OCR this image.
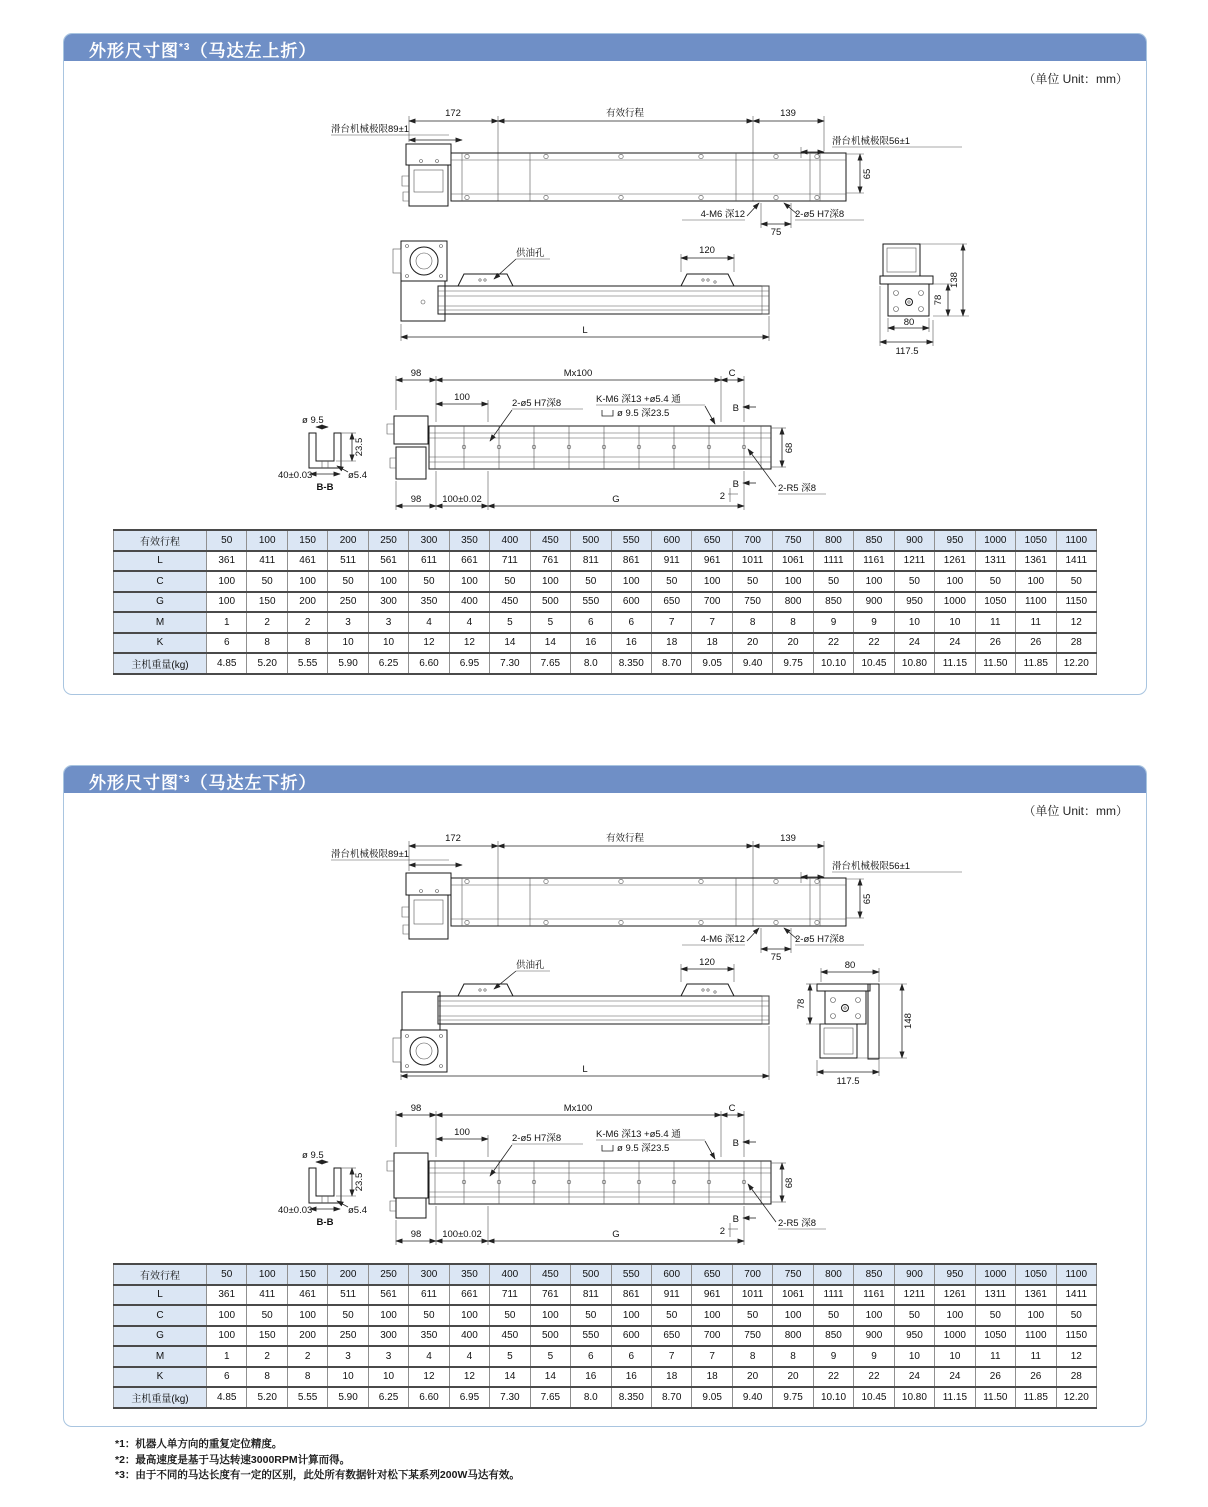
外形尺寸图$^{*3}$（马达左上折）
（单位 Unit：mm）
172	有效行程	139
滑台机械极限89±1
滑台机械极限56±1
65
4-M6 深12
75
2-ø5 H7深8
供油孔	120
L
78
138
80
117.5
ø 9.5
23.5
40±0.03	ø5.4
B-B
98	Mx100	C
100
2-ø5 H7深8	K-M6 深13 +ø5.4 通
ø 9.5 深23.5	B
68
B	2-R5 深8
2
98 100±0.02	G
有效行程	50	100	150	200	250	300	350	400	450	500	550	600	650	700	750	800	850	900	950	1000	1050	1100
L	361	411	461	511	561	611	661	711	761	811	861	911	961	1011	1061	1111	1161	1211	1261	1311	1361	1411
C	100	50	100	50	100	50	100	50	100	50	100	50	100	50	100	50	100	50	100	50	100	50
G	100	150	200	250	300	350	400	450	500	550	600	650	700	750	800	850	900	950	1000	1050	1100	1150
M	1	2	2	3	3	4	4	5	5	6	6	7	7	8	8	9	9	10	10	11	11	12
K	6	8	8	10	10	12	12	14	14	16	16	18	18	20	20	22	22	24	24	26	26	28
主机重量(kg)	4.85	5.20	5.55	5.90	6.25	6.60	6.95	7.30	7.65	8.0	8.350	8.70	9.05	9.40	9.75	10.10	10.45	10.80	11.15	11.50	11.85	12.20
外形尺寸图$^{*3}$（马达左下折）
（单位 Unit：mm）
172	有效行程	139
滑台机械极限89±1
滑台机械极限56±1
65
4-M6 深12
75
2-ø5 H7深8
供油孔	120
L
80
78
148
117.5
ø 9.5
23.5
40±0.03	ø5.4
B-B
98	Mx100	C
100
2-ø5 H7深8	K-M6 深13 +ø5.4 通
ø 9.5 深23.5	B
68
B	2-R5 深8
2
98 100±0.02	G
有效行程	50	100	150	200	250	300	350	400	450	500	550	600	650	700	750	800	850	900	950	1000	1050	1100
L	361	411	461	511	561	611	661	711	761	811	861	911	961	1011	1061	1111	1161	1211	1261	1311	1361	1411
C	100	50	100	50	100	50	100	50	100	50	100	50	100	50	100	50	100	50	100	50	100	50
G	100	150	200	250	300	350	400	450	500	550	600	650	700	750	800	850	900	950	1000	1050	1100	1150
M	1	2	2	3	3	4	4	5	5	6	6	7	7	8	8	9	9	10	10	11	11	12
K	6	8	8	10	10	12	12	14	14	16	16	18	18	20	20	22	22	24	24	26	26	28
主机重量(kg)	4.85	5.20	5.55	5.90	6.25	6.60	6.95	7.30	7.65	8.0	8.350	8.70	9.05	9.40	9.75	10.10	10.45	10.80	11.15	11.50	11.85	12.20
*1：机器人单方向的重复定位精度。
*2：最高速度是基于马达转速3000RPM计算而得。
*3：由于不同的马达长度有一定的区别，此处所有数据针对松下某系列200W马达有效。
